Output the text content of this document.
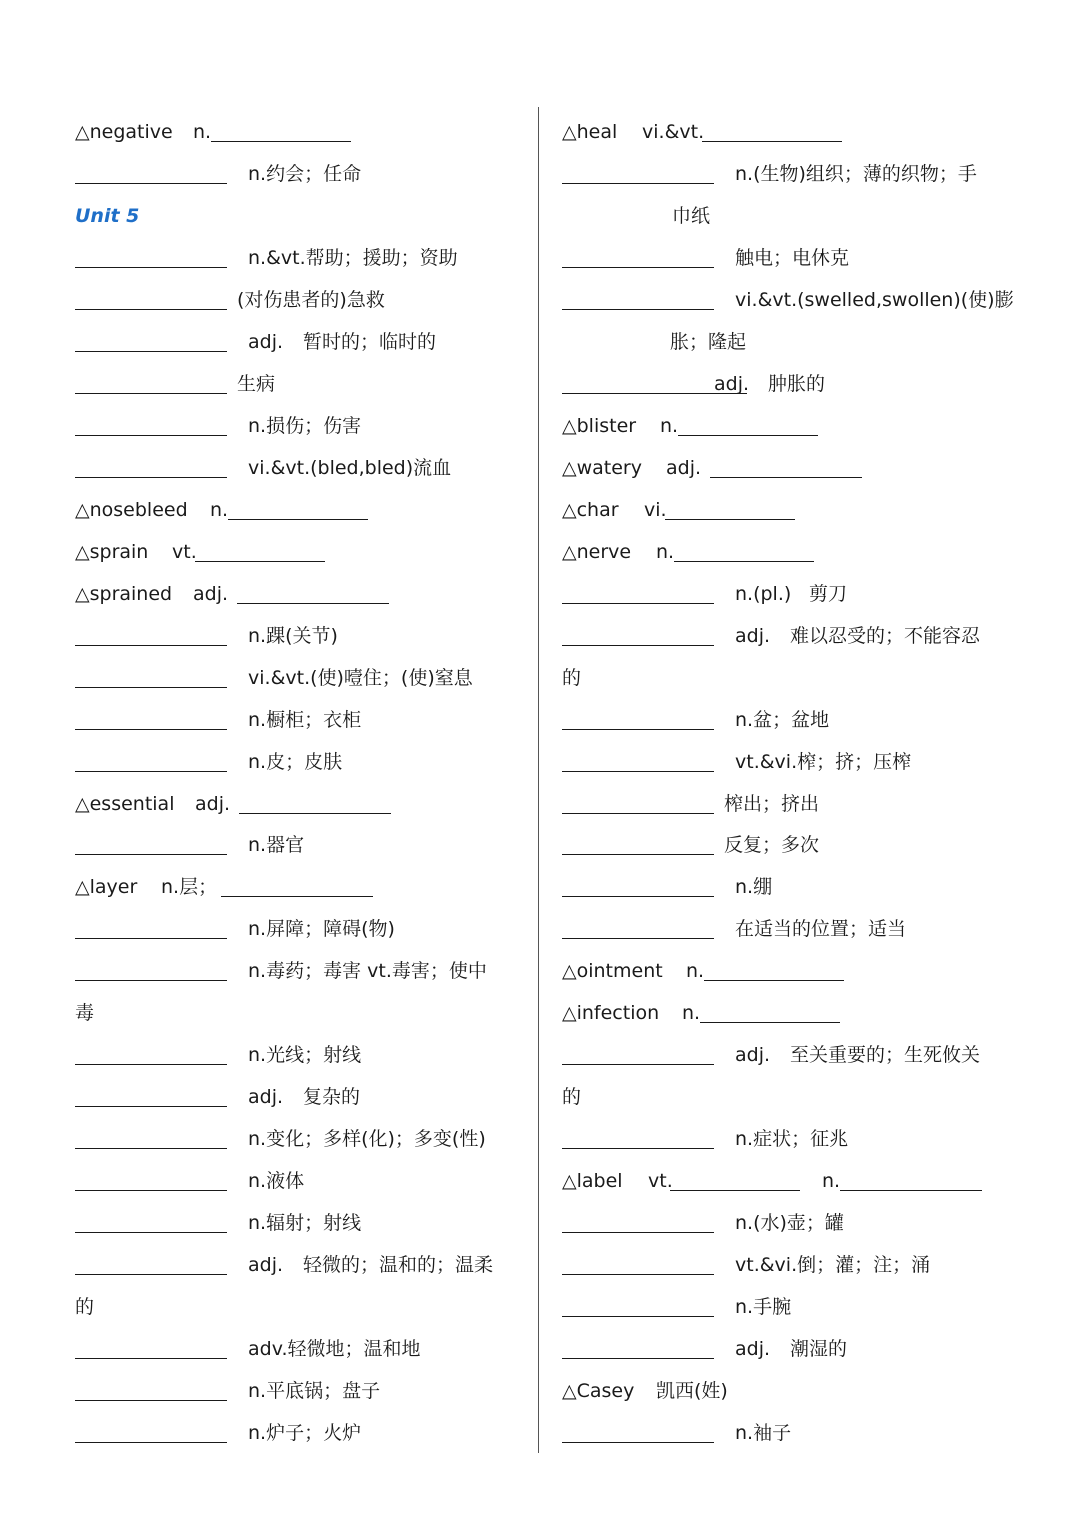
△negative n.
n.约会；任命
Unit 5
n.&vt.帮助；援助；资助
(对伤患者的)急救
adj. 暂时的；临时的
生病
n.损伤；伤害
vi.&vt.(bled,bled)流血
△nosebleed n.
△sprain vt.
△sprained adj.
n.踝(关节)
vi.&vt.(使)噎住；(使)窒息
n.橱柜；衣柜
n.皮；皮肤
△essential adj.
n.器官
△layer n.层；
n.屏障；障碍(物)
n.毒药；毒害 vt.毒害；使中
毒
n.光线；射线
adj. 复杂的
n.变化；多样(化)；多变(性)
n.液体
n.辐射；射线
adj. 轻微的；温和的；温柔
的
adv.轻微地；温和地
n.平底锅；盘子
n.炉子；火炉
△heal vi.&vt.
n.(生物)组织；薄的织物；手
巾纸
触电；电休克
vi.&vt.(swelled,swollen)(使)膨
胀；隆起
adj. 肿胀的
△blister n.
△watery adj.
△char vi.
△nerve n.
n.(pl.) 剪刀
adj. 难以忍受的；不能容忍
的
n.盆；盆地
vt.&vi.榨；挤；压榨
榨出；挤出
反复；多次
n.绷
在适当的位置；适当
△ointment n.
△infection n.
adj. 至关重要的；生死攸关
的
n.症状；征兆
△label vt.	n.
n.(水)壶；罐
vt.&vi.倒；灌；注；涌
n.手腕
adj. 潮湿的
△Casey 凯西(姓)
n.袖子
